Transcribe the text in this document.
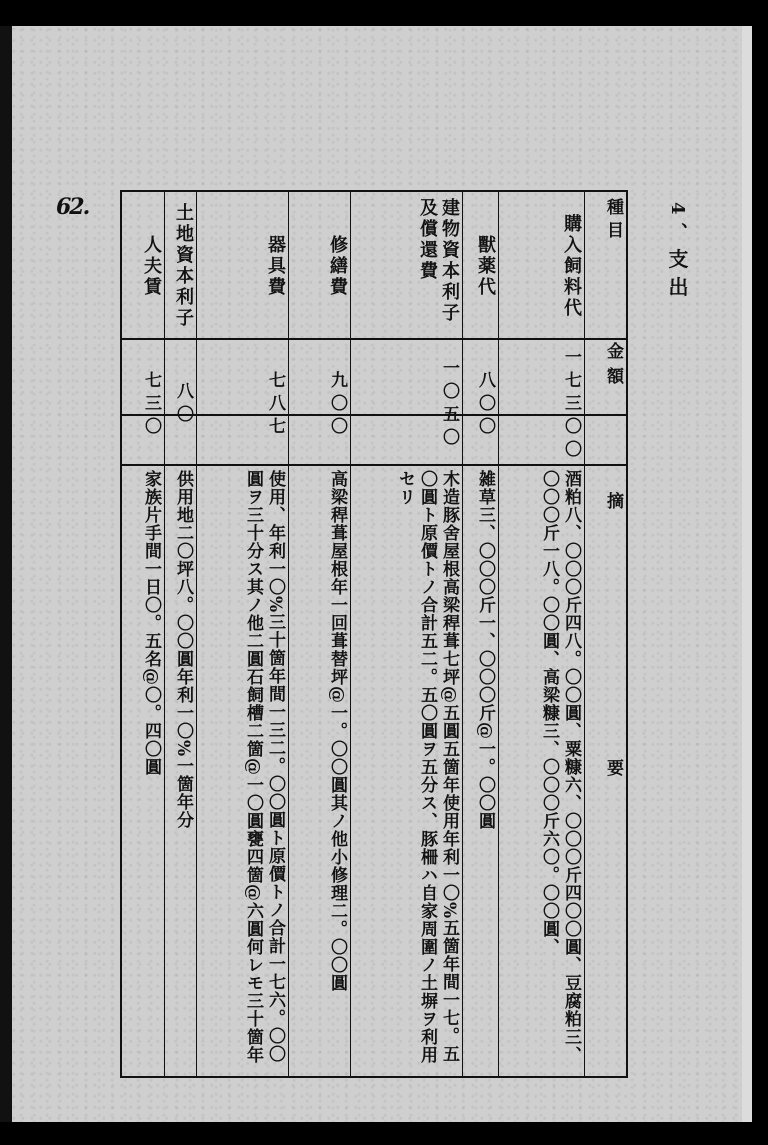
62.	4、支出
種目
金額
摘要
購入飼料代
一七三〇〇
酒粕八、〇〇〇斤四八。〇〇圓、粟糠六、〇〇〇斤四〇〇圓、豆腐粕三、〇〇〇斤一八。〇〇圓、高梁糠三、〇〇〇斤六〇。〇〇圓、
獸薬代
八〇〇
雑草三、〇〇〇斤一、〇〇〇斤@一。〇〇圓
建物資本利子及償還費
一〇五〇
木造豚舍屋根高梁稈葺七坪@五圓五箇年使用年利一〇%五箇年間一七。五〇圓ト原價トノ合計五二。五〇圓ヲ五分ス、豚柵ハ自家周圍ノ土塀ヲ利用セリ
修繕費
九〇〇
高梁稈葺屋根年一回葺替坪@一。〇〇圓其ノ他小修理二。〇〇圓
器具費
七八七
使用、年利一〇%三十箇年間一三二。〇〇圓ト原價トノ合計一七六。〇〇圓ヲ三十分ス其ノ他二圓石飼槽二箇@一〇圓甕四箇@六圓何レモ三十箇年
土地資本利子
八〇
供用地二〇坪八。〇〇圓年利一〇%一箇年分
人夫賃
七三〇
家族片手間一日〇。五名@〇。四〇圓
